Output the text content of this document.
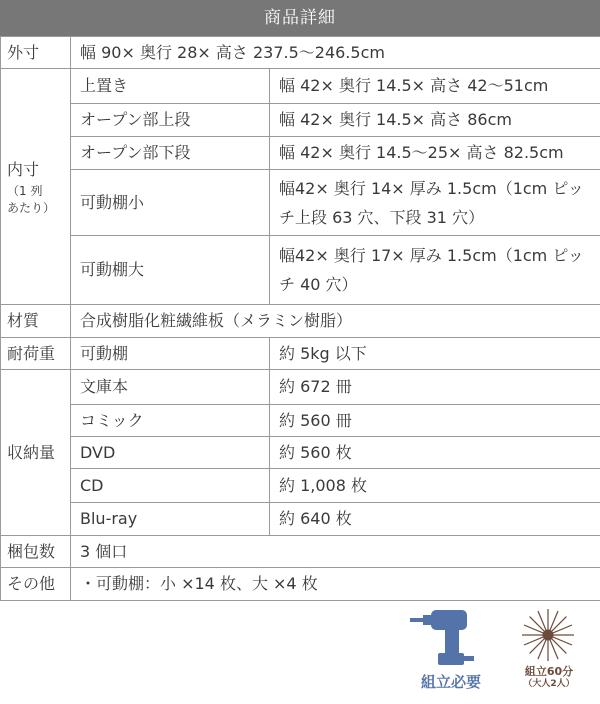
商品詳細
外寸	幅 90× 奥行 28× 高さ 237.5～246.5cm	
内寸
（1 列
あたり）	上置き	幅 42× 奥行 14.5× 高さ 42～51cm
	オープン部上段	幅 42× 奥行 14.5× 高さ 86cm
	オープン部下段	幅 42× 奥行 14.5～25× 高さ 82.5cm
	可動棚小	幅42× 奥行 14× 厚み 1.5cm（1cm ピッチ上段 63 穴、下段 31 穴）
	可動棚大	幅42× 奥行 17× 厚み 1.5cm（1cm ピッチ 40 穴）
材質	合成樹脂化粧繊維板（メラミン樹脂）	
耐荷重	可動棚	約 5kg 以下
収納量	文庫本	約 672 冊
	コミック	約 560 冊
	DVD	約 560 枚
	CD	約 1,008 枚
	Blu-ray	約 640 枚
梱包数	3 個口	
その他	・可動棚：小 ×14 枚、大 ×4 枚	
組立必要
組立60分
（大人2人）
